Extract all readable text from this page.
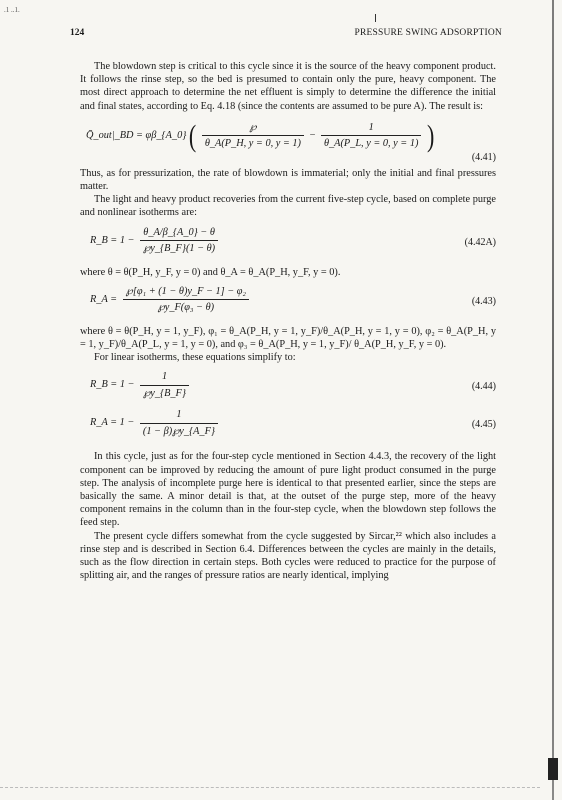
.1 ..1.
124	PRESSURE SWING ADSORPTION

The blowdown step is critical to this cycle since it is the source of the heavy component product. It follows the rinse step, so the bed is presumed to contain only the pure, heavy component. The most direct approach to determine the net effluent is simply to determine the difference the initial and final states, according to Eq. 4.18 (since the contents are assumed to be pure A). The result is:

Q̄_out|_BD = φβ_{A_0} ( $\frac{℘}{\theta\_A(P\_H, y = 0, y = 1)} - \frac{1}{\theta\_A(P\_L, y = 0, y = 1)}$ )
(4.41)

Thus, as for pressurization, the rate of blowdown is immaterial; only the initial and final pressures matter.

The light and heavy product recoveries from the current five-step cycle, based on complete purge and nonlinear isotherms are:

R_B = $1 - \frac{\theta\_A/\beta\_\{A\_0\} - \theta}{℘y\_\{B\_F\}(1 - \theta)}$	(4.42A)

where θ = θ(P_H, y_F, y = 0) and θ_A = θ_A(P_H, y_F, y = 0).

R_A = $\frac{\text{℘[φ₁ + (1 − θ)y\_F − 1] − φ₂}}{\text{℘y\_F(φ₃ − θ)}}$	(4.43)

where θ = θ(P_H, y = 1, y_F), φ₁ = θ_A(P_H, y = 1, y_F)/θ_A(P_H, y = 1, y = 0), φ₂ = θ_A(P_H, y = 1, y_F)/θ_A(P_L, y = 1, y = 0), and φ₃ = θ_A(P_H, y = 1, y_F)/ θ_A(P_H, y_F, y = 0).

For linear isotherms, these equations simplify to:

R_B = $1 - \frac{1}{℘y\_\{B\_F\}}$	(4.44)
R_A = $1 - \frac{1}{(1 - \beta)℘y\_\{A\_F\}}$	(4.45)

In this cycle, just as for the four-step cycle mentioned in Section 4.4.3, the recovery of the light component can be improved by reducing the amount of pure light product consumed in the purge step. The analysis of incomplete purge here is identical to that presented earlier, since the steps are basically the same. A minor detail is that, at the outset of the purge step, more of the heavy component remains in the column than in the four-step cycle, when the blowdown step follows the feed step.

The present cycle differs somewhat from the cycle suggested by Sircar,²² which also includes a rinse step and is described in Section 6.4. Differences between the cycles are mainly in the details, such as the flow direction in certain steps. Both cycles were reduced to practice for the purpose of splitting air, and the ranges of pressure ratios are nearly identical, implying
